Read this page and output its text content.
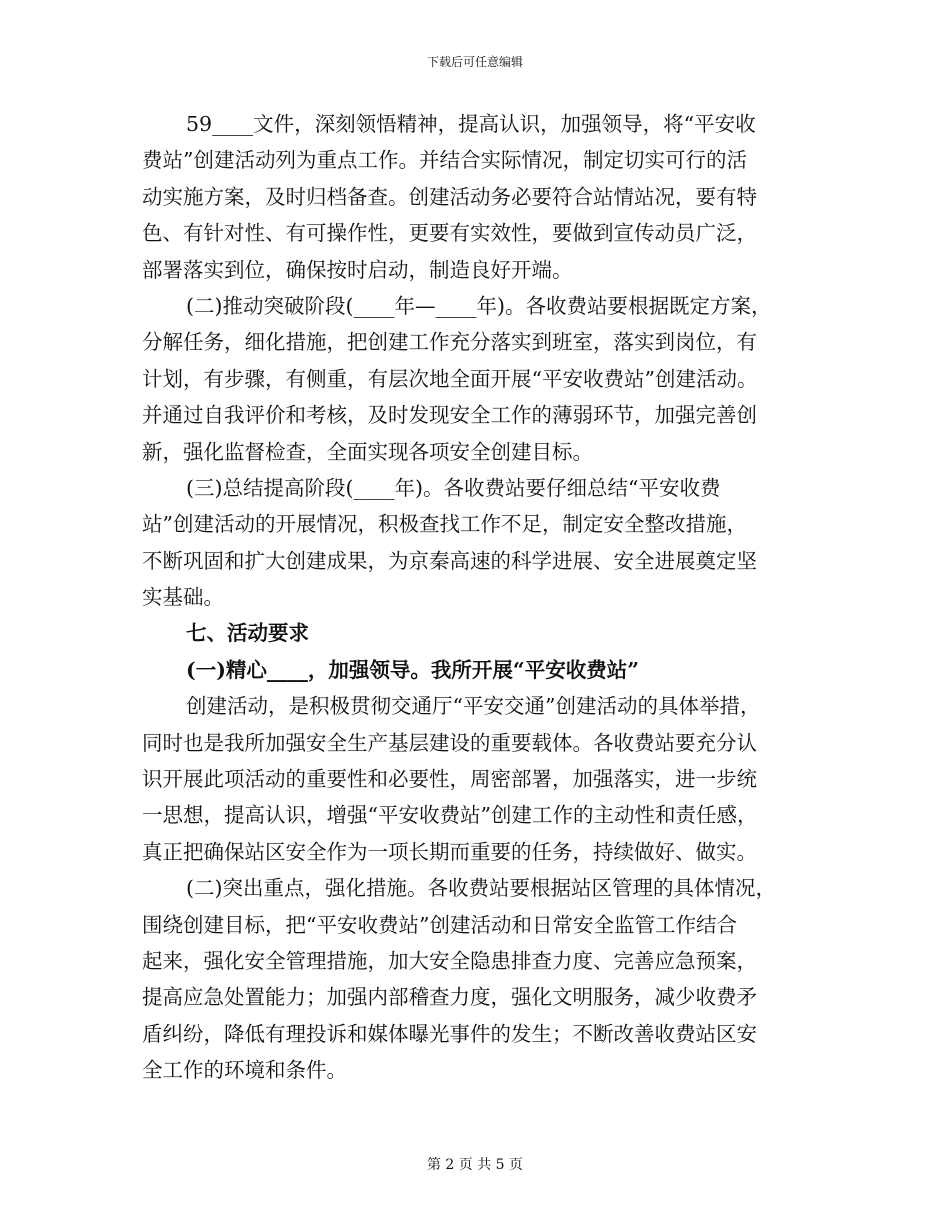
下载后可任意编辑
59____文件，深刻领悟精神，提高认识，加强领导，将“平安收
费站”创建活动列为重点工作。并结合实际情况，制定切实可行的活
动实施方案，及时归档备查。创建活动务必要符合站情站况，要有特
色、有针对性、有可操作性，更要有实效性，要做到宣传动员广泛，
部署落实到位，确保按时启动，制造良好开端。
(二)推动突破阶段(____年—____年)。各收费站要根据既定方案，
分解任务，细化措施，把创建工作充分落实到班室，落实到岗位，有
计划，有步骤，有侧重，有层次地全面开展“平安收费站”创建活动。
并通过自我评价和考核，及时发现安全工作的薄弱环节，加强完善创
新，强化监督检查，全面实现各项安全创建目标。
(三)总结提高阶段(____年)。各收费站要仔细总结“平安收费
站”创建活动的开展情况，积极查找工作不足，制定安全整改措施，
不断巩固和扩大创建成果，为京秦高速的科学进展、安全进展奠定坚
实基础。
七、活动要求
(一)精心____，加强领导。我所开展“平安收费站”
创建活动，是积极贯彻交通厅“平安交通”创建活动的具体举措，
同时也是我所加强安全生产基层建设的重要载体。各收费站要充分认
识开展此项活动的重要性和必要性，周密部署，加强落实，进一步统
一思想，提高认识，增强“平安收费站”创建工作的主动性和责任感，
真正把确保站区安全作为一项长期而重要的任务，持续做好、做实。
(二)突出重点，强化措施。各收费站要根据站区管理的具体情况，
围绕创建目标，把“平安收费站”创建活动和日常安全监管工作结合
起来，强化安全管理措施，加大安全隐患排查力度、完善应急预案，
提高应急处置能力；加强内部稽查力度，强化文明服务，减少收费矛
盾纠纷，降低有理投诉和媒体曝光事件的发生；不断改善收费站区安
全工作的环境和条件。
第 2 页 共 5 页
